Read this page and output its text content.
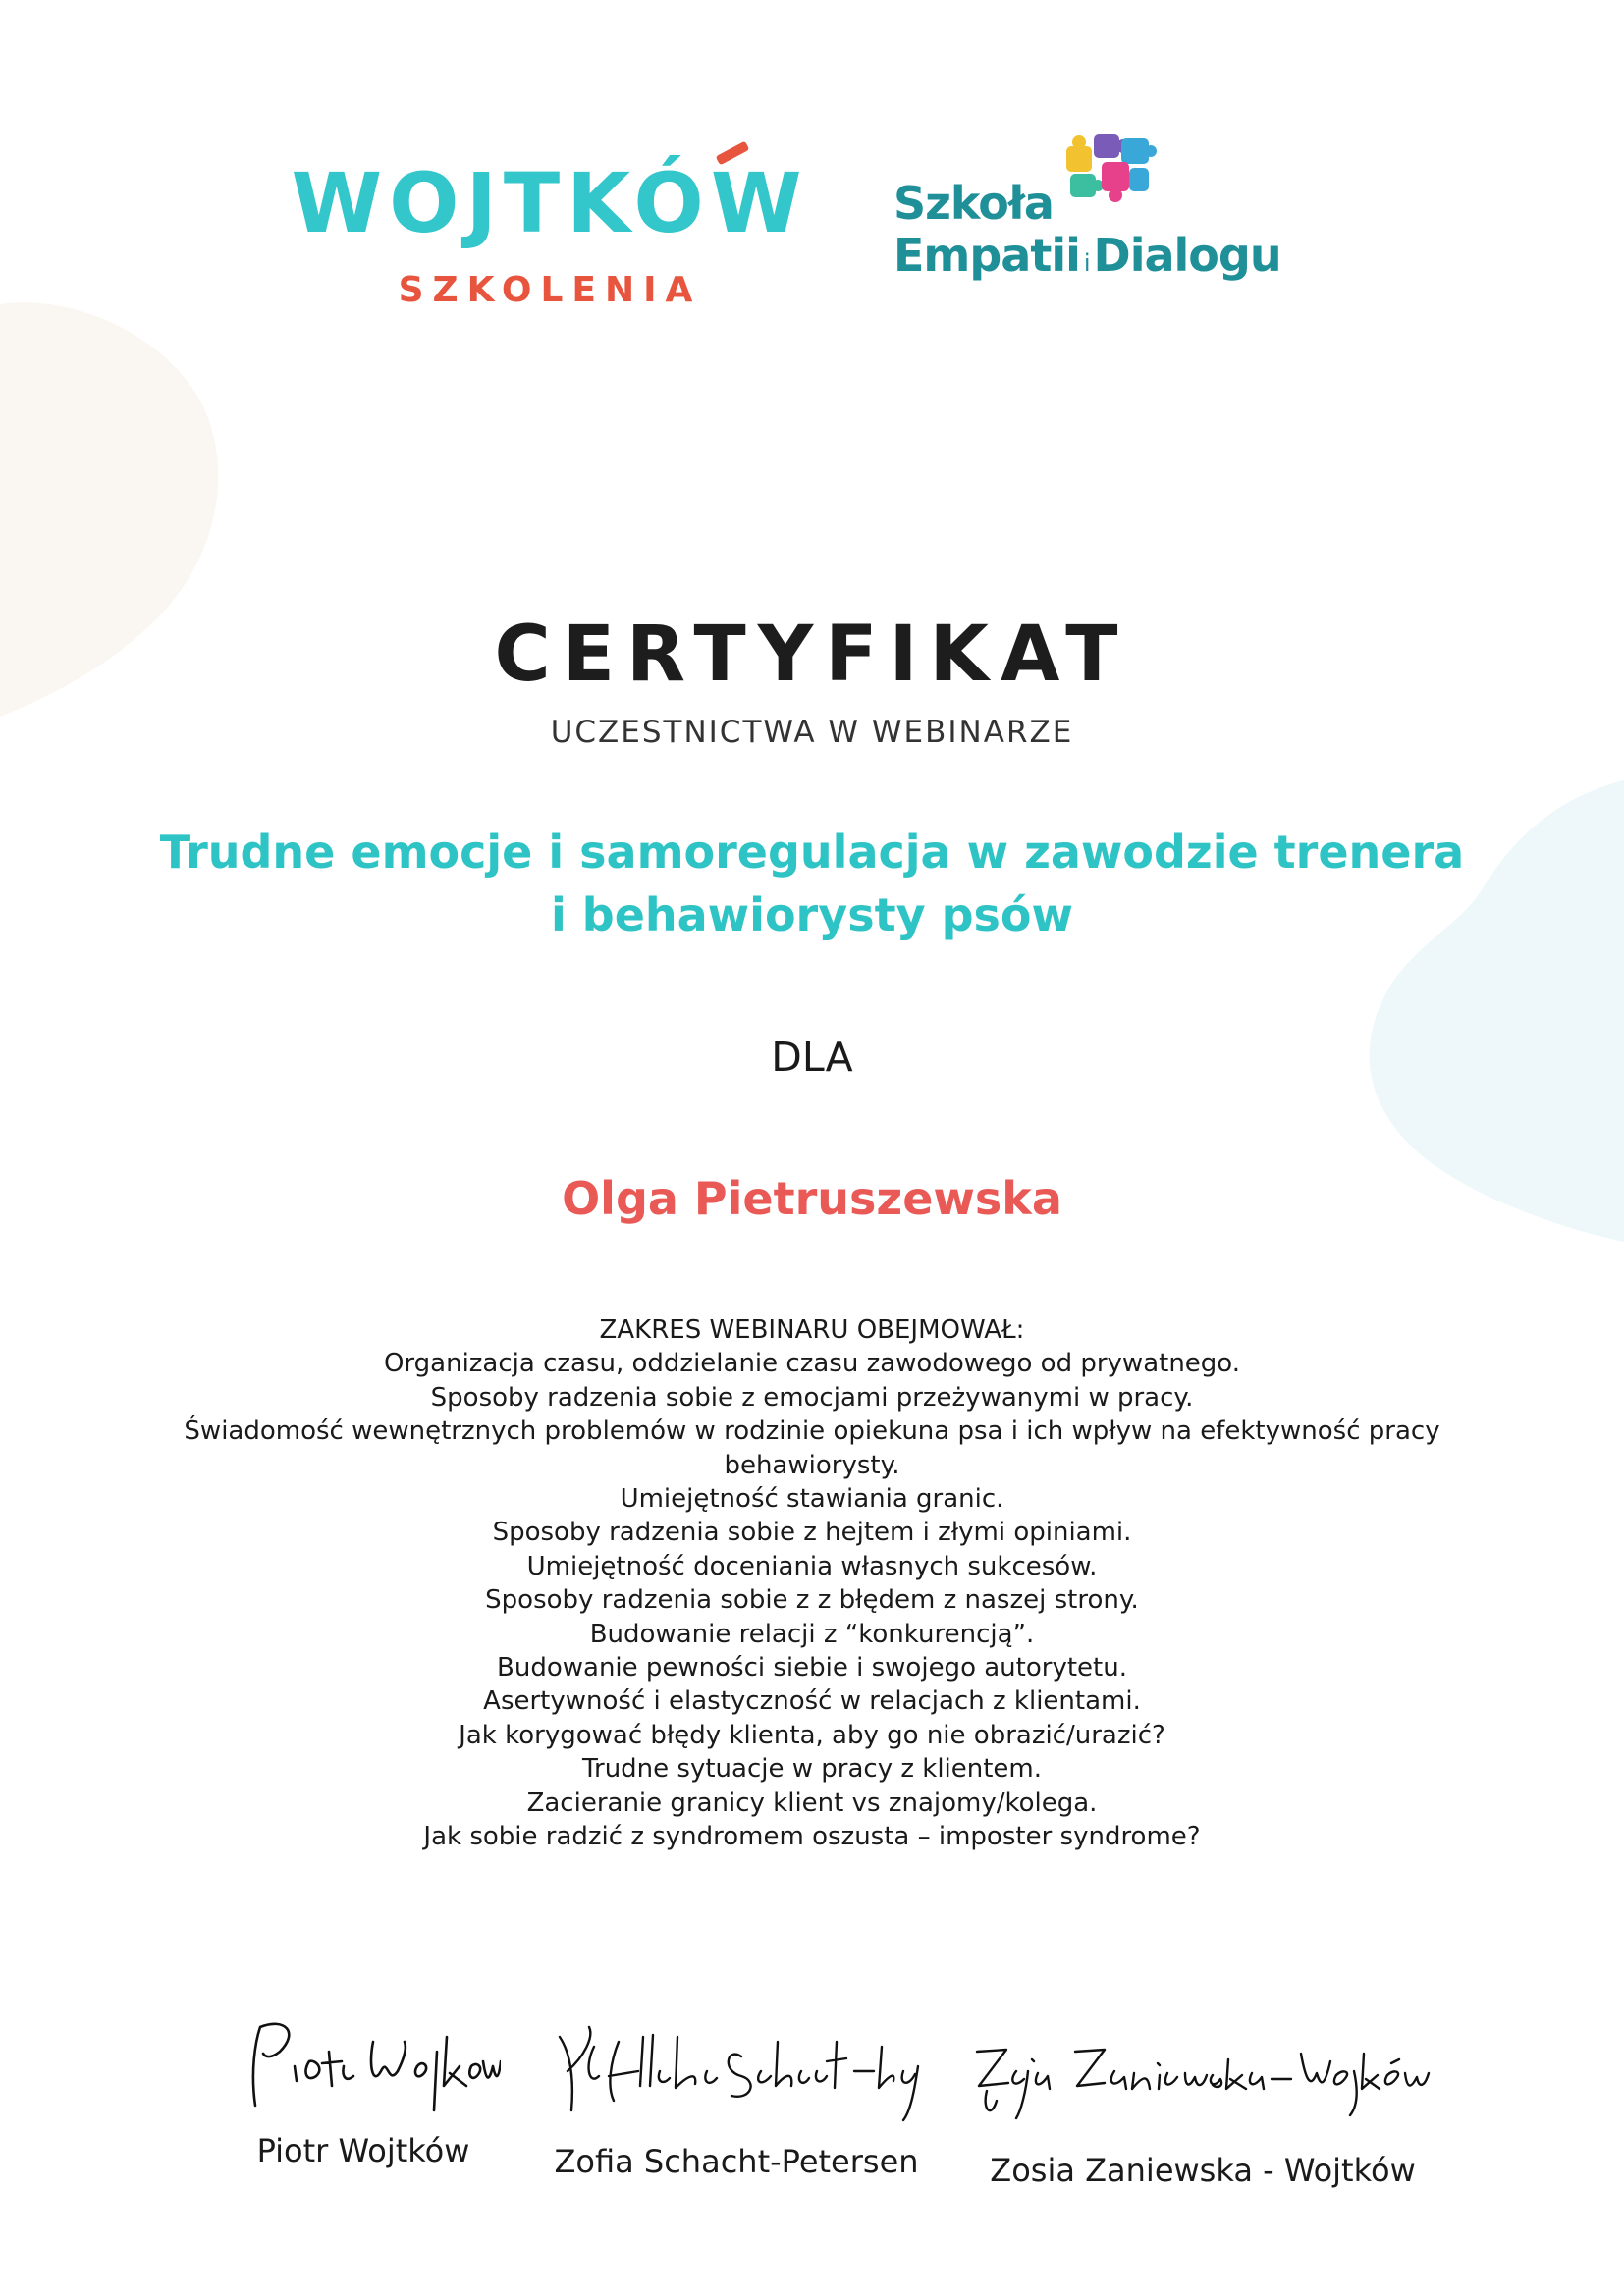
WOJTKÓW
SZKOLENIA
Szkoła
Empatii iDialogu
CERTYFIKAT
UCZESTNICTWA W WEBINARZE
Trudne emocje i samoregulacja w zawodzie trenera
i behawiorysty psów
DLA
Olga Pietruszewska
ZAKRES WEBINARU OBEJMOWAŁ:
Organizacja czasu, oddzielanie czasu zawodowego od prywatnego.
Sposoby radzenia sobie z emocjami przeżywanymi w pracy.
Świadomość wewnętrznych problemów w rodzinie opiekuna psa i ich wpływ na efektywność pracy behawiorysty.
Umiejętność stawiania granic.
Sposoby radzenia sobie z hejtem i złymi opiniami.
Umiejętność doceniania własnych sukcesów.
Sposoby radzenia sobie z z błędem z naszej strony.
Budowanie relacji z “konkurencją”.
Budowanie pewności siebie i swojego autorytetu.
Asertywność i elastyczność w relacjach z klientami.
Jak korygować błędy klienta, aby go nie obrazić/urazić?
Trudne sytuacje w pracy z klientem.
Zacieranie granicy klient vs znajomy/kolega.
Jak sobie radzić z syndromem oszusta – imposter syndrome?
Piotr Wojtków	Zofia Schacht-Petersen	Zosia Zaniewska - Wojtków
